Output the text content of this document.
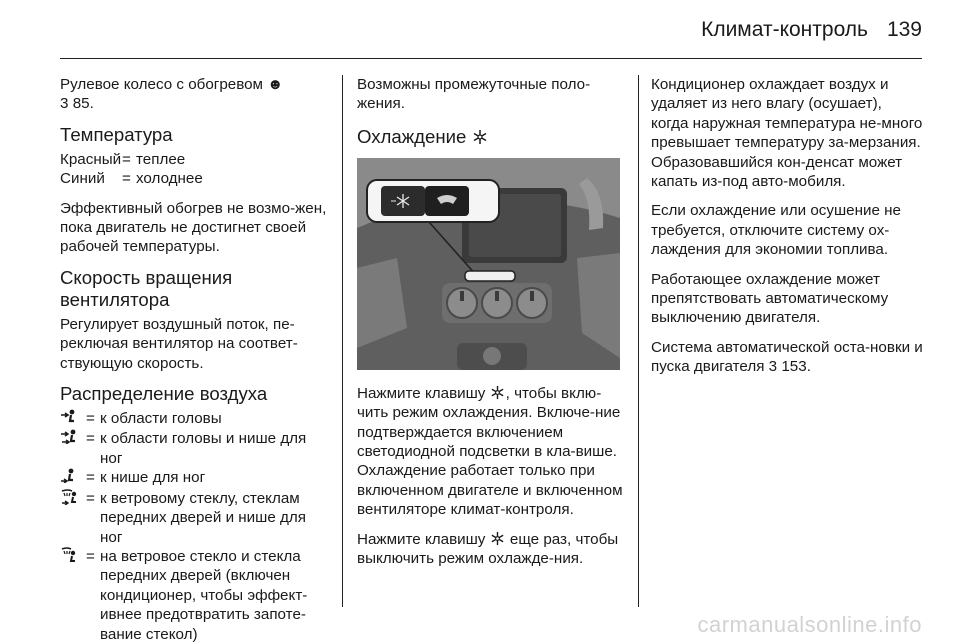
Климат-контроль 139

Рулевое колесо с обогревом ☻
3 85.

Температура
Красный = теплее
Синий	= холоднее

Эффективный обогрев не возмо-жен, пока двигатель не достигнет своей рабочей температуры.

Скорость вращения вентилятора

Регулирует воздушный поток, пе-реключая вентилятор на соответ-ствующую скорость.

Распределение воздуха
= к области головы
= к области головы и нише для ног
= к нише для ног
= к ветровому стеклу, стеклам передних дверей и нише для ног
= на ветровое стекло и стекла передних дверей (включен кондиционер, чтобы эффект-ивнее предотвратить запоте-вание стекол)

Возможны промежуточные поло-жения.

Охлаждение

Нажмите клавишу , чтобы вклю-чить режим охлаждения. Включе-ние подтверждается включением светодиодной подсветки в кла-више. Охлаждение работает только при включенном двигателе и включенном вентиляторе климат-контроля.

Нажмите клавишу еще раз, чтобы выключить режим охлажде-ния.

Кондиционер охлаждает воздух и удаляет из него влагу (осушает), когда наружная температура не-много превышает температуру за-мерзания. Образовавшийся кон-денсат может капать из-под авто-мобиля.

Если охлаждение или осушение не требуется, отключите систему ох-лаждения для экономии топлива.

Работающее охлаждение может препятствовать автоматическому выключению двигателя.

Система автоматической оста-новки и пуска двигателя 3 153.

carmanualsonline.info
